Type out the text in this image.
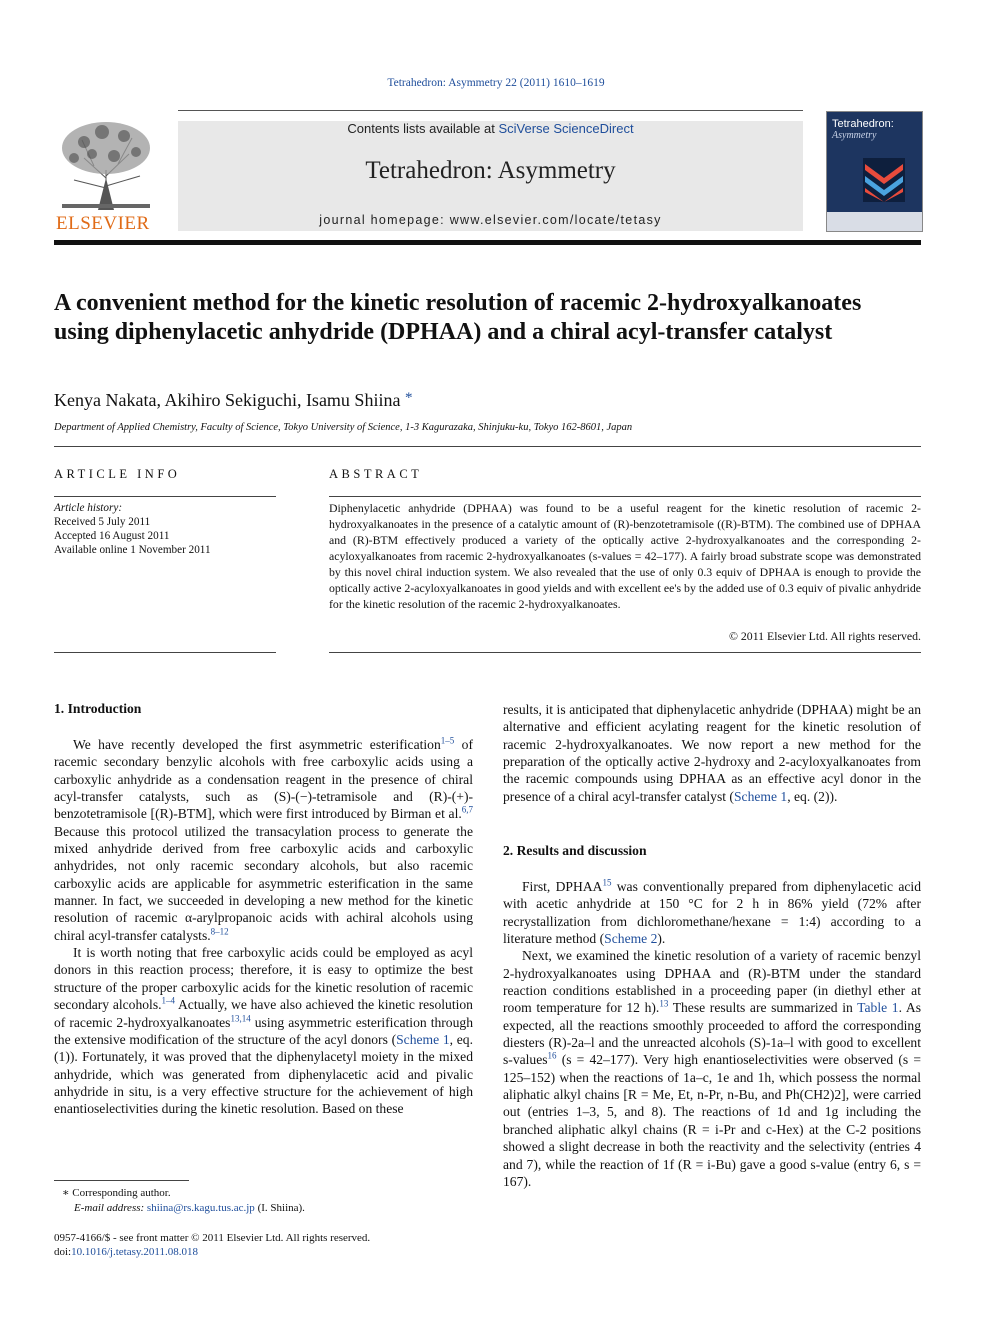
Tetrahedron: Asymmetry 22 (2011) 1610–1619
ELSEVIER
Contents lists available at SciVerse ScienceDirect
Tetrahedron: Asymmetry
journal homepage: www.elsevier.com/locate/tetasy
Tetrahedron:
Asymmetry
A convenient method for the kinetic resolution of racemic 2-hydroxyalkanoates using diphenylacetic anhydride (DPHAA) and a chiral acyl-transfer catalyst
Kenya Nakata, Akihiro Sekiguchi, Isamu Shiina *
Department of Applied Chemistry, Faculty of Science, Tokyo University of Science, 1-3 Kagurazaka, Shinjuku-ku, Tokyo 162-8601, Japan
ARTICLE INFO	ABSTRACT
Article history:
Received 5 July 2011
Accepted 16 August 2011
Available online 1 November 2011
Diphenylacetic anhydride (DPHAA) was found to be a useful reagent for the kinetic resolution of racemic 2-hydroxyalkanoates in the presence of a catalytic amount of (R)-benzotetramisole ((R)-BTM). The combined use of DPHAA and (R)-BTM effectively produced a variety of the optically active 2-hydroxyalkanoates and the corresponding 2-acyloxyalkanoates from racemic 2-hydroxyalkanoates (s-values = 42–177). A fairly broad substrate scope was demonstrated by this novel chiral induction system. We also revealed that the use of only 0.3 equiv of DPHAA is enough to provide the optically active 2-acyloxyalkanoates in good yields and with excellent ee's by the added use of 0.3 equiv of pivalic anhydride for the kinetic resolution of the racemic 2-hydroxyalkanoates.
© 2011 Elsevier Ltd. All rights reserved.
1. Introduction

We have recently developed the first asymmetric esterification$^{1-5}$ of racemic secondary benzylic alcohols with free carboxylic acids using a carboxylic anhydride as a condensation reagent in the presence of chiral acyl-transfer catalysts, such as (S)-(−)-tetramisole and (R)-(+)-benzotetramisole [(R)-BTM], which were first introduced by Birman et al.$^{6,7}$ Because this protocol utilized the transacylation process to generate the mixed anhydride derived from free carboxylic acids and carboxylic anhydrides, not only racemic secondary alcohols, but also racemic carboxylic acids are applicable for asymmetric esterification in the same manner. In fact, we succeeded in developing a new method for the kinetic resolution of racemic α-arylpropanoic acids with achiral alcohols using chiral acyl-transfer catalysts.$^{8-12}$

It is worth noting that free carboxylic acids could be employed as acyl donors in this reaction process; therefore, it is easy to optimize the best structure of the proper carboxylic acids for the kinetic resolution of racemic secondary alcohols.$^{1-4}$ Actually, we have also achieved the kinetic resolution of racemic 2-hydroxyalkanoates$^{13,14}$ using asymmetric esterification through the extensive modification of the structure of the acyl donors (Scheme 1, eq. (1)). Fortunately, it was proved that the diphenylacetyl moiety in the mixed anhydride, which was generated from diphenylacetic acid and pivalic anhydride in situ, is a very effective structure for the achievement of high enantioselectivities during the kinetic resolution. Based on these

results, it is anticipated that diphenylacetic anhydride (DPHAA) might be an alternative and efficient acylating reagent for the kinetic resolution of racemic 2-hydroxyalkanoates. We now report a new method for the preparation of the optically active 2-hydroxy and 2-acyloxyalkanoates from the racemic compounds using DPHAA as an effective acyl donor in the presence of a chiral acyl-transfer catalyst (Scheme 1, eq. (2)).

2. Results and discussion

First, DPHAA$^{15}$ was conventionally prepared from diphenylacetic acid with acetic anhydride at 150 °C for 2 h in 86% yield (72% after recrystallization from dichloromethane/hexane = 1:4) according to a literature method (Scheme 2).

Next, we examined the kinetic resolution of a variety of racemic benzyl 2-hydroxyalkanoates using DPHAA and (R)-BTM under the standard reaction conditions established in a proceeding paper (in diethyl ether at room temperature for 12 h).$^{13}$ These results are summarized in Table 1. As expected, all the reactions smoothly proceeded to afford the corresponding diesters (R)-2a–l and the unreacted alcohols (S)-1a–l with good to excellent s-values$^{16}$ (s = 42–177). Very high enantioselectivities were observed (s = 125–152) when the reactions of 1a–c, 1e and 1h, which possess the normal aliphatic alkyl chains [R = Me, Et, n-Pr, n-Bu, and Ph(CH2)2], were carried out (entries 1–3, 5, and 8). The reactions of 1d and 1g including the branched aliphatic alkyl chains (R = i-Pr and c-Hex) at the C-2 positions showed a slight decrease in both the reactivity and the selectivity (entries 4 and 7), while the reaction of 1f (R = i-Bu) gave a good s-value (entry 6, s = 167).

∗ Corresponding author.
E-mail address: shiina@rs.kagu.tus.ac.jp (I. Shiina).
0957-4166/$ - see front matter © 2011 Elsevier Ltd. All rights reserved.
doi:10.1016/j.tetasy.2011.08.018
